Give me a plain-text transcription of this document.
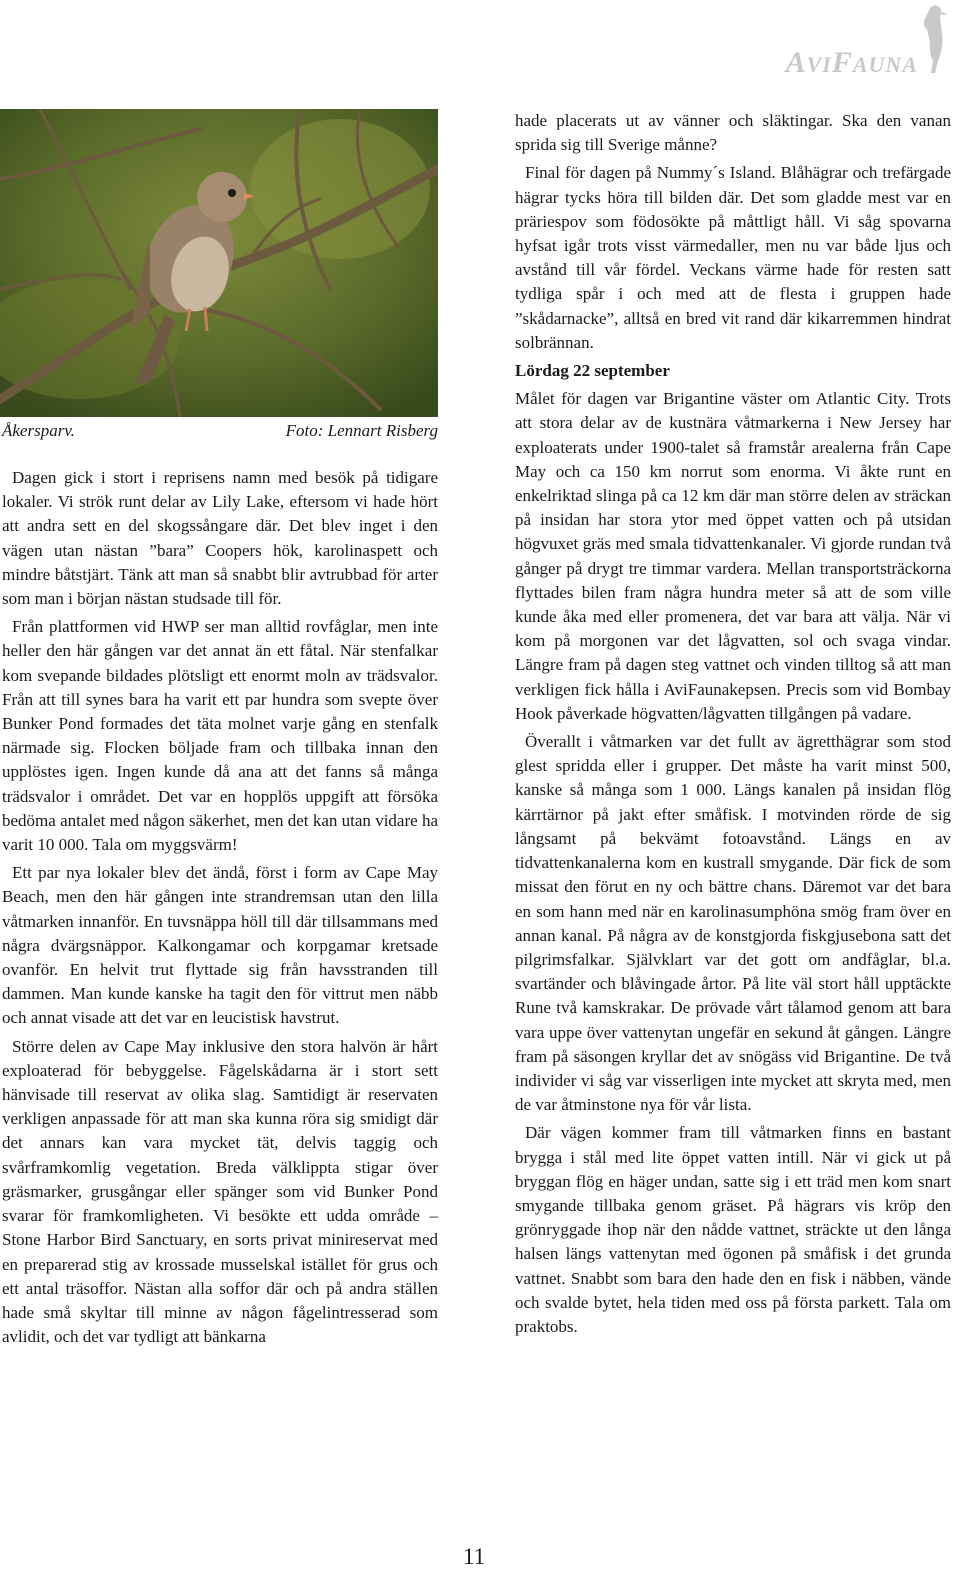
AVIFAUNA
Åkersparv.	Foto: Lennart Risberg

Dagen gick i stort i reprisens namn med besök på tidigare lokaler. Vi strök runt delar av Lily Lake, eftersom vi hade hört att andra sett en del skogssångare där. Det blev inget i den vägen utan nästan ”bara” Coopers hök, karolinaspett och mindre båtstjärt. Tänk att man så snabbt blir avtrubbad för arter som man i början nästan studsade till för.

Från plattformen vid HWP ser man alltid rovfåglar, men inte heller den här gången var det annat än ett fåtal. När stenfalkar kom svepande bildades plötsligt ett enormt moln av trädsvalor. Från att till synes bara ha varit ett par hundra som svepte över Bunker Pond formades det täta molnet varje gång en stenfalk närmade sig. Flocken böljade fram och tillbaka innan den upplöstes igen. Ingen kunde då ana att det fanns så många trädsvalor i området. Det var en hopplös uppgift att försöka bedöma antalet med någon säkerhet, men det kan utan vidare ha varit 10 000. Tala om myggsvärm!

Ett par nya lokaler blev det ändå, först i form av Cape May Beach, men den här gången inte strandremsan utan den lilla våtmarken innanför. En tuvsnäppa höll till där tillsammans med några dvärgsnäppor. Kalkongamar och korpgamar kretsade ovanför. En helvit trut flyttade sig från havsstranden till dammen. Man kunde kanske ha tagit den för vittrut men näbb och annat visade att det var en leucistisk havstrut.

Större delen av Cape May inklusive den stora halvön är hårt exploaterad för bebyggelse. Fågelskådarna är i stort sett hänvisade till reservat av olika slag. Samtidigt är reservaten verkligen anpassade för att man ska kunna röra sig smidigt där det annars kan vara mycket tät, delvis taggig och svårframkomlig vegetation. Breda välklippta stigar över gräsmarker, grusgångar eller spänger som vid Bunker Pond svarar för framkomligheten. Vi besökte ett udda område – Stone Harbor Bird Sanctuary, en sorts privat minireservat med en preparerad stig av krossade musselskal istället för grus och ett antal träsoffor. Nästan alla soffor där och på andra ställen hade små skyltar till minne av någon fågelintresserad som avlidit, och det var tydligt att bänkarna

hade placerats ut av vänner och släktingar. Ska den vanan sprida sig till Sverige månne?

Final för dagen på Nummy´s Island. Blåhägrar och trefärgade hägrar tycks höra till bilden där. Det som gladde mest var en präriespov som födosökte på måttligt håll. Vi såg spovarna hyfsat igår trots visst värmedaller, men nu var både ljus och avstånd till vår fördel. Veckans värme hade för resten satt tydliga spår i och med att de flesta i gruppen hade ”skådarnacke”, alltså en bred vit rand där kikarremmen hindrat solbrännan.

Lördag 22 september

Målet för dagen var Brigantine väster om Atlantic City. Trots att stora delar av de kustnära våtmarkerna i New Jersey har exploaterats under 1900-talet så framstår arealerna från Cape May och ca 150 km norrut som enorma. Vi åkte runt en enkelriktad slinga på ca 12 km där man större delen av sträckan på insidan har stora ytor med öppet vatten och på utsidan högvuxet gräs med smala tidvattenkanaler. Vi gjorde rundan två gånger på drygt tre timmar vardera. Mellan transportsträckorna flyttades bilen fram några hundra meter så att de som ville kunde åka med eller promenera, det var bara att välja. När vi kom på morgonen var det lågvatten, sol och svaga vindar. Längre fram på dagen steg vattnet och vinden tilltog så att man verkligen fick hålla i AviFaunakepsen. Precis som vid Bombay Hook påverkade högvatten/lågvatten tillgången på vadare.

Överallt i våtmarken var det fullt av ägretthägrar som stod glest spridda eller i grupper. Det måste ha varit minst 500, kanske så många som 1 000. Längs kanalen på insidan flög kärrtärnor på jakt efter småfisk. I motvinden rörde de sig långsamt på bekvämt fotoavstånd. Längs en av tidvattenkanalerna kom en kustrall smygande. Där fick de som missat den förut en ny och bättre chans. Däremot var det bara en som hann med när en karolinasumphöna smög fram över en annan kanal. På några av de konstgjorda fiskgjusebona satt det pilgrimsfalkar. Självklart var det gott om andfåglar, bl.a. svartänder och blåvingade årtor. På lite väl stort håll upptäckte Rune två kamskrakar. De prövade vårt tålamod genom att bara vara uppe över vattenytan ungefär en sekund åt gången. Längre fram på säsongen kryllar det av snögäss vid Brigantine. De två individer vi såg var visserligen inte mycket att skryta med, men de var åtminstone nya för vår lista.

Där vägen kommer fram till våtmarken finns en bastant brygga i stål med lite öppet vatten intill. När vi gick ut på bryggan flög en häger undan, satte sig i ett träd men kom snart smygande tillbaka genom gräset. På hägrars vis kröp den grönryggade ihop när den nådde vattnet, sträckte ut den långa halsen längs vattenytan med ögonen på småfisk i det grunda vattnet. Snabbt som bara den hade den en fisk i näbben, vände och svalde bytet, hela tiden med oss på första parkett. Tala om praktobs.

11
